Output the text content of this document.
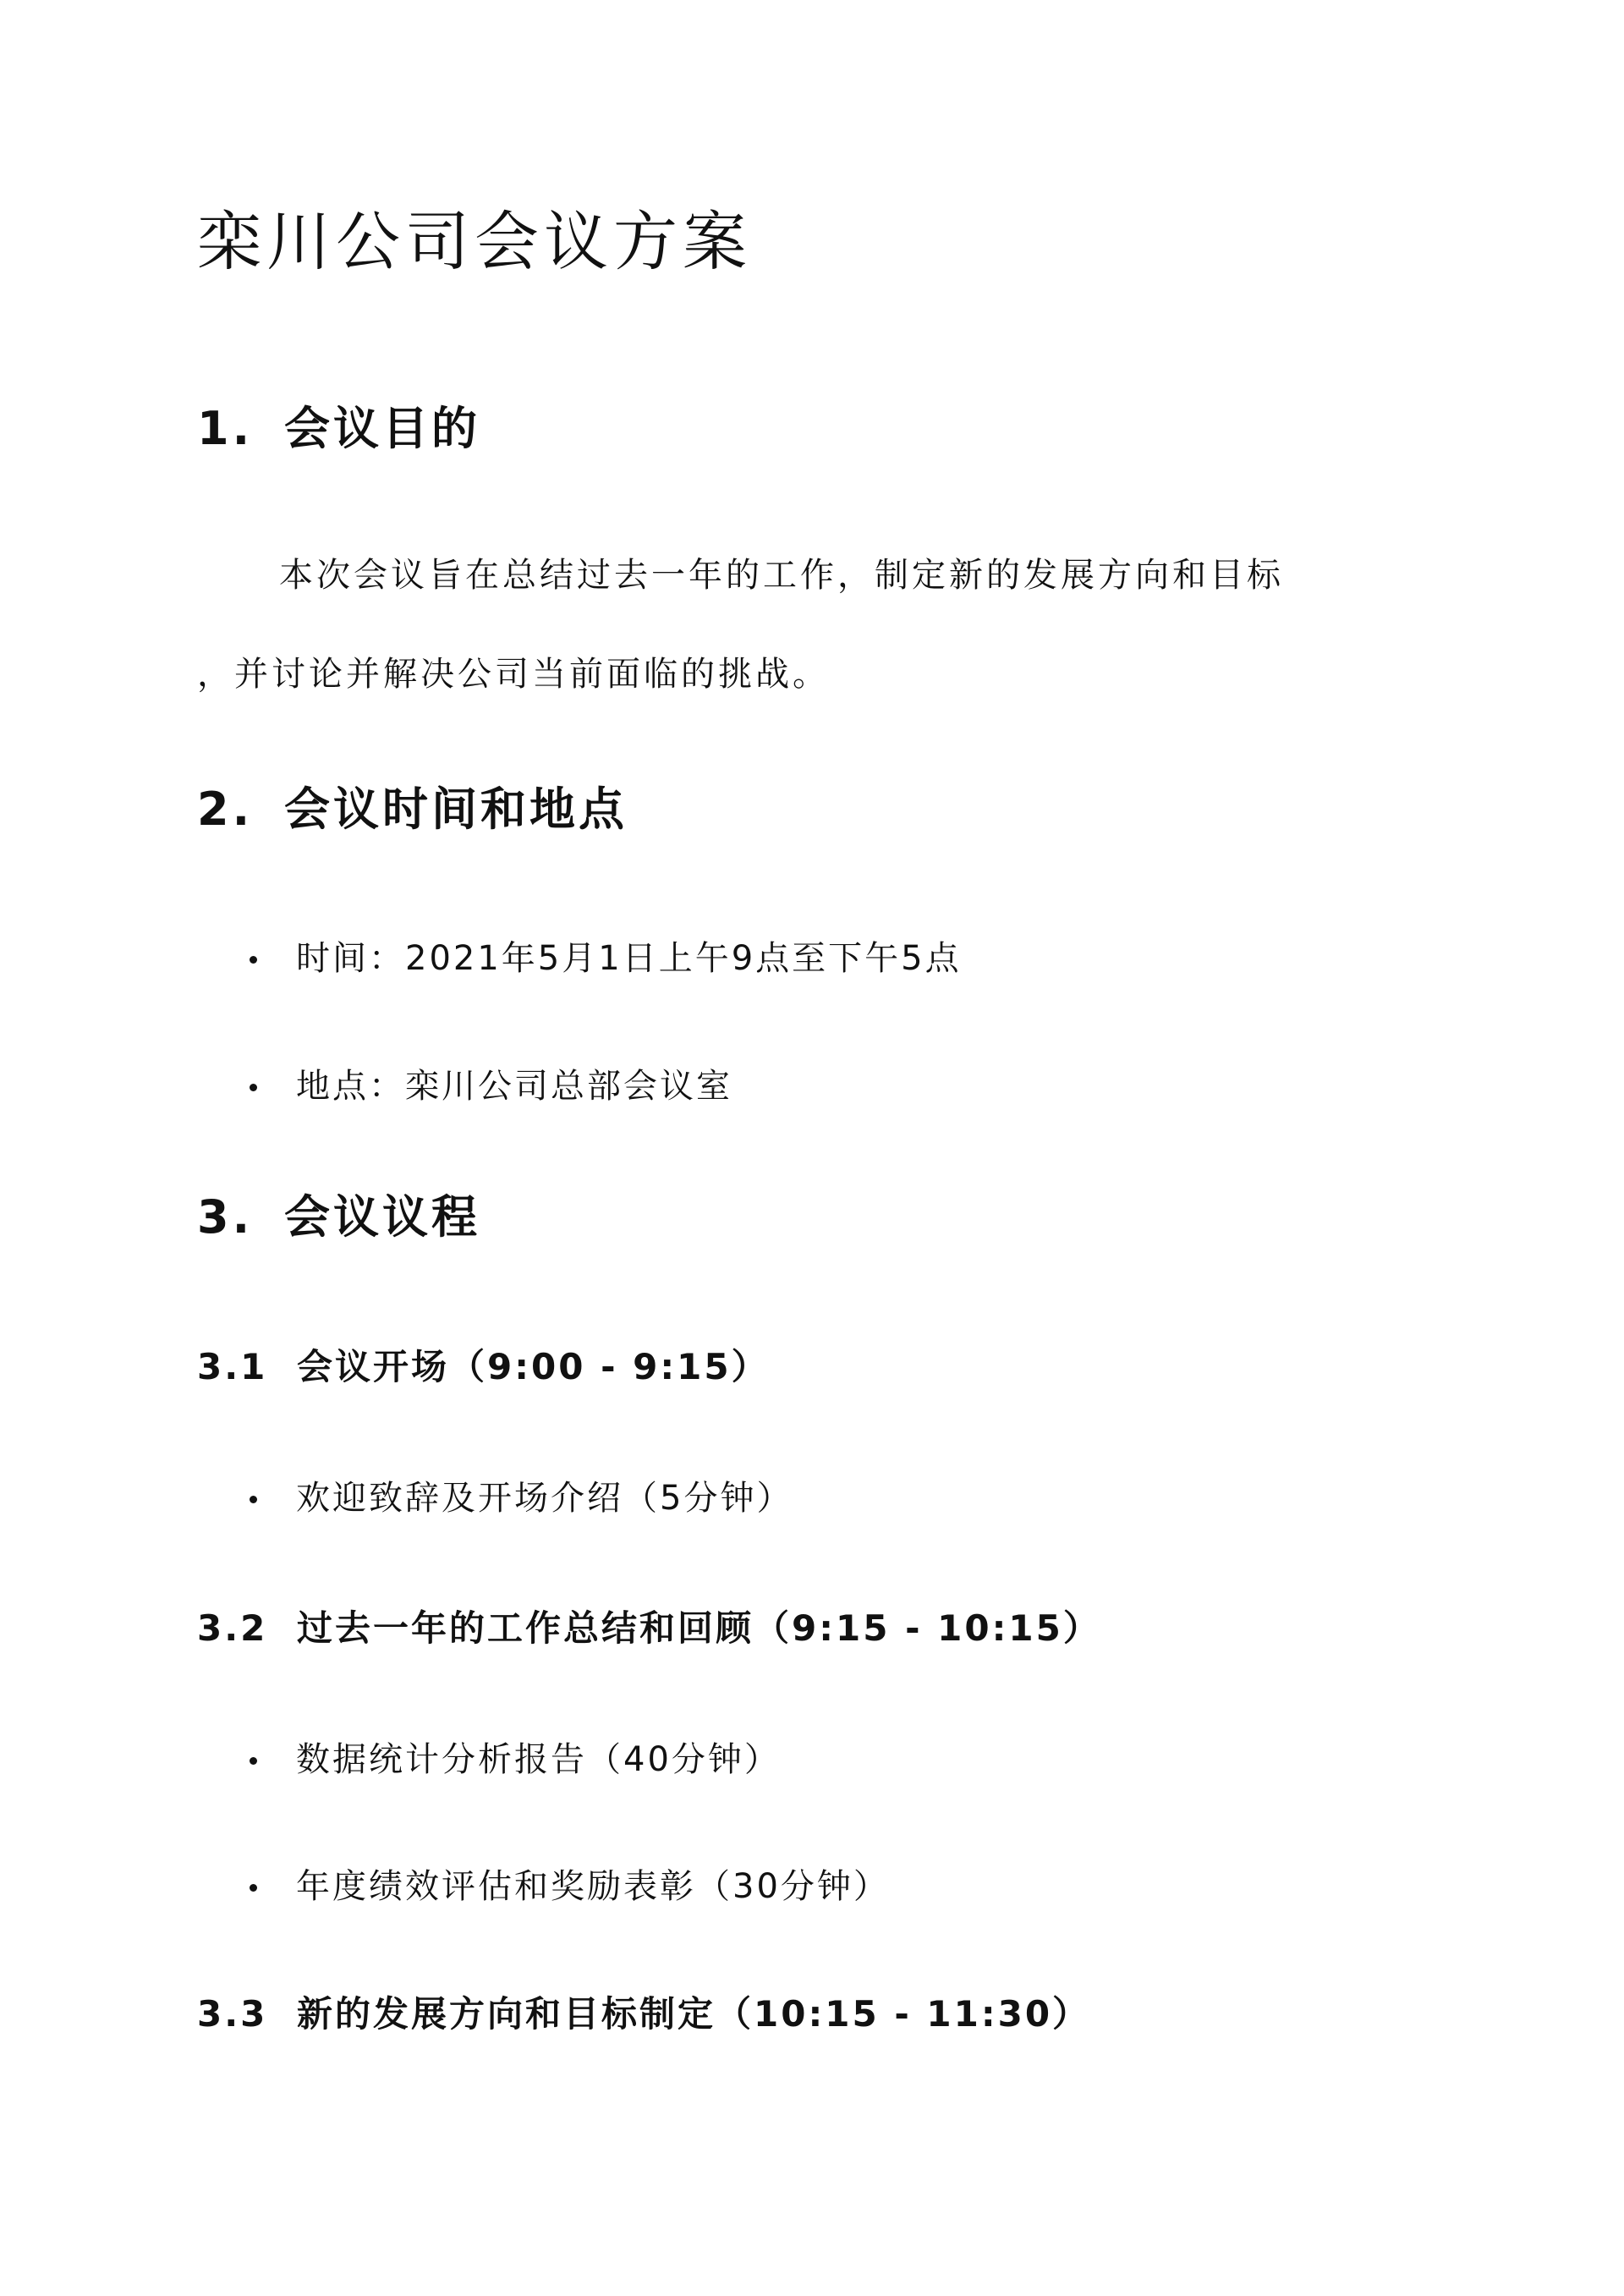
栾川公司会议方案
1. 会议目的
本次会议旨在总结过去一年的工作，制定新的发展方向和目标
，并讨论并解决公司当前面临的挑战。
2. 会议时间和地点
时间：2021年5月1日上午9点至下午5点
地点：栾川公司总部会议室
3. 会议议程
3.1 会议开场（9:00 - 9:15）
欢迎致辞及开场介绍（5分钟）
3.2 过去一年的工作总结和回顾（9:15 - 10:15）
数据统计分析报告（40分钟）
年度绩效评估和奖励表彰（30分钟）
3.3 新的发展方向和目标制定（10:15 - 11:30）
